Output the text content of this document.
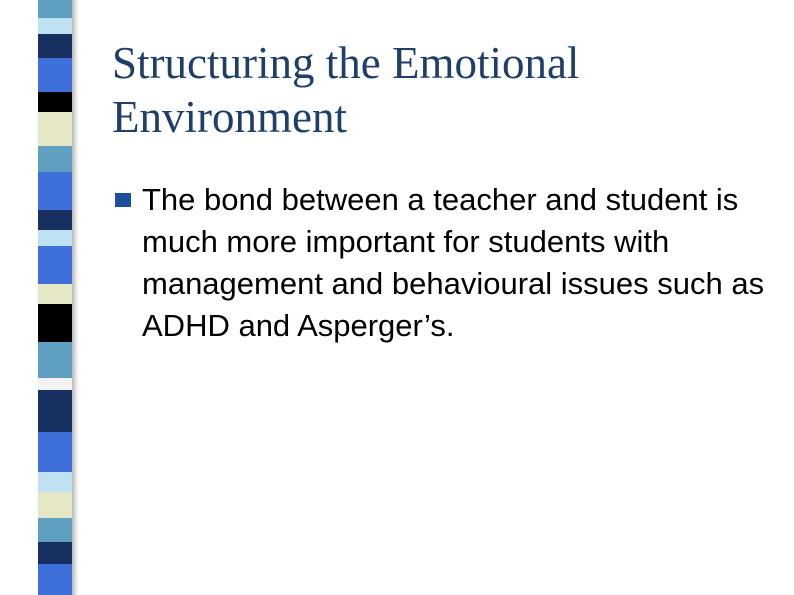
Structuring the Emotional Environment
The bond between a teacher and student is much more important for students with management and behavioural issues such as ADHD and Asperger’s.
